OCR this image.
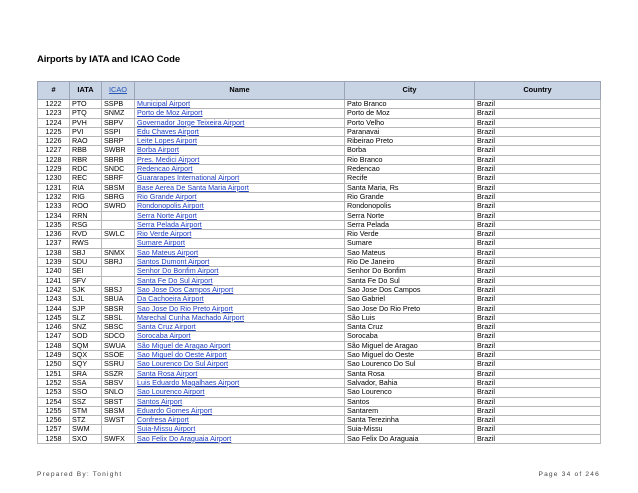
Airports by IATA and ICAO Code
#	IATA	ICAO	Name	City	Country
1222	PTO	SSPB	Municipal Airport	Pato Branco	Brazil
1223	PTQ	SNMZ	Porto de Moz Airport	Porto de Moz	Brazil
1224	PVH	SBPV	Governador Jorge Teixeira Airport	Porto Velho	Brazil
1225	PVI	SSPI	Edu Chaves Airport	Paranavai	Brazil
1226	RAO	SBRP	Leite Lopes Airport	Ribeirao Preto	Brazil
1227	RBB	SWBR	Borba Airport	Borba	Brazil
1228	RBR	SBRB	Pres. Medici Airport	Rio Branco	Brazil
1229	RDC	SNDC	Redencao Airport	Redencao	Brazil
1230	REC	SBRF	Guararapes International Airport	Recife	Brazil
1231	RIA	SBSM	Base Aerea De Santa Maria Airport	Santa Maria, Rs	Brazil
1232	RIG	SBRG	Rio Grande Airport	Rio Grande	Brazil
1233	ROO	SWRD	Rondonopolis Airport	Rondonopolis	Brazil
1234	RRN		Serra Norte Airport	Serra Norte	Brazil
1235	RSG		Serra Pelada Airport	Serra Pelada	Brazil
1236	RVD	SWLC	Rio Verde Airport	Rio Verde	Brazil
1237	RWS		Sumare Airport	Sumare	Brazil
1238	SBJ	SNMX	Sao Mateus Airport	Sao Mateus	Brazil
1239	SDU	SBRJ	Santos Dumont Airport	Rio De Janeiro	Brazil
1240	SEI		Senhor Do Bonfim Airport	Senhor Do Bonfim	Brazil
1241	SFV		Santa Fe Do Sul Airport	Santa Fe Do Sul	Brazil
1242	SJK	SBSJ	Sao Jose Dos Campos Airport	Sao Jose Dos Campos	Brazil
1243	SJL	SBUA	Da Cachoeira Airport	Sao Gabriel	Brazil
1244	SJP	SBSR	Sao Jose Do Rio Preto Airport	Sao Jose Do Rio Preto	Brazil
1245	SLZ	SBSL	Marechal Cunha Machado Airport	São Luis	Brazil
1246	SNZ	SBSC	Santa Cruz Airport	Santa Cruz	Brazil
1247	SOD	SDCO	Sorocaba Airport	Sorocaba	Brazil
1248	SQM	SWUA	São Miguel de Aragao Airport	São Miguel de Aragao	Brazil
1249	SQX	SSOE	Sao Miguel do Oeste Airport	Sao Miguel do Oeste	Brazil
1250	SQY	SSRU	Sao Lourenco Do Sul Airport	Sao Lourenco Do Sul	Brazil
1251	SRA	SSZR	Santa Rosa Airport	Santa Rosa	Brazil
1252	SSA	SBSV	Luis Eduardo Magalhaes Airport	Salvador, Bahia	Brazil
1253	SSO	SNLO	Sao Lourenco Airport	Sao Lourenco	Brazil
1254	SSZ	SBST	Santos Airport	Santos	Brazil
1255	STM	SBSM	Eduardo Gomes Airport	Santarem	Brazil
1256	STZ	SWST	Confresa Airport	Santa Terezinha	Brazil
1257	SWM		Suia-Missu Airport	Suia-Missu	Brazil
1258	SXO	SWFX	Sao Felix Do Araguaia Airport	Sao Felix Do Araguaia	Brazil
Prepared By: Tonight	Page 34 of 246
